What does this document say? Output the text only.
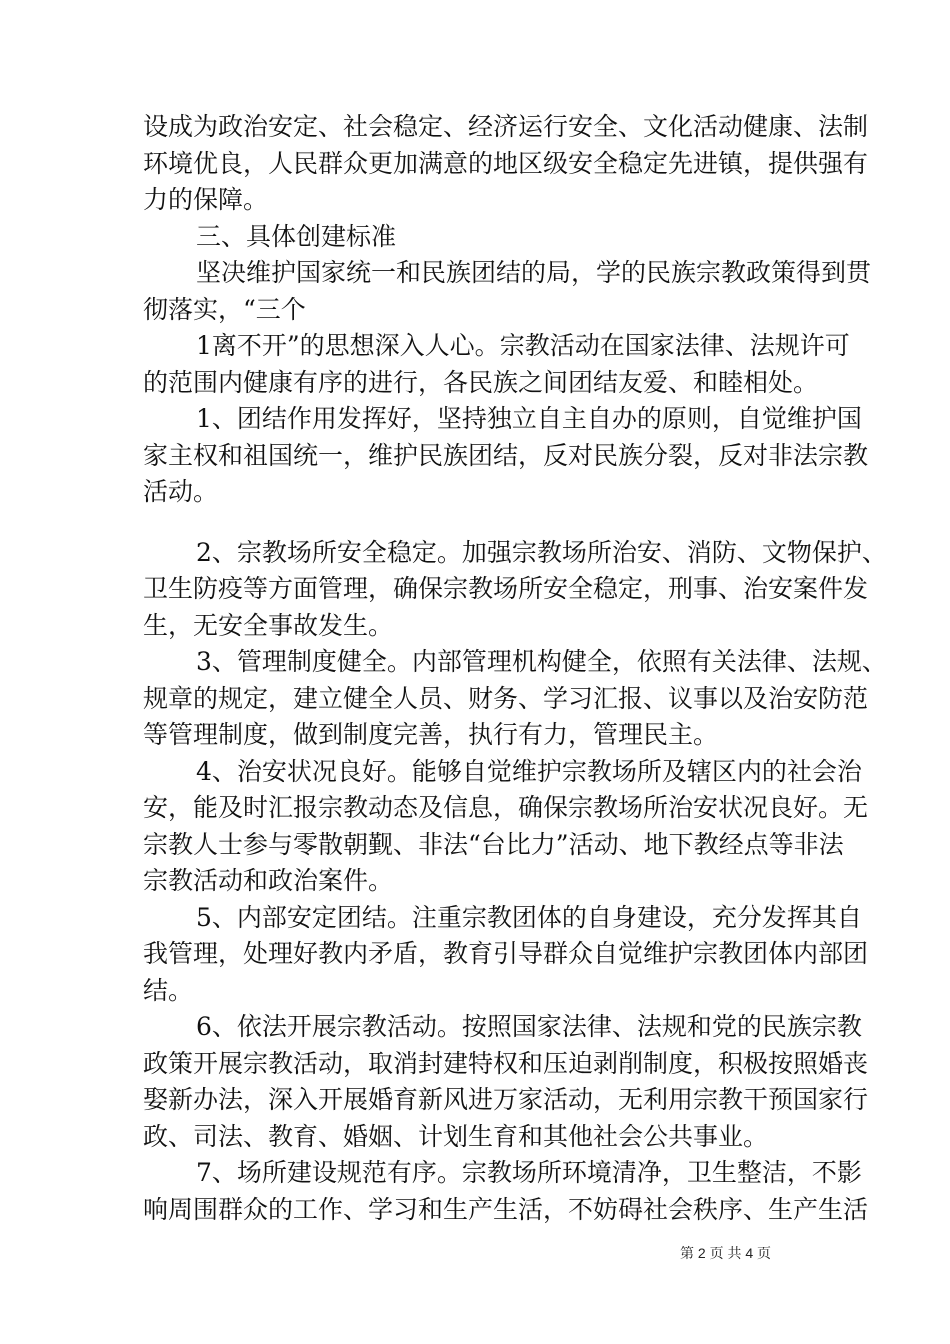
设成为政治安定、社会稳定、经济运行安全、文化活动健康、法制
环境优良，人民群众更加满意的地区级安全稳定先进镇，提供强有
力的保障。
三、具体创建标准
坚决维护国家统一和民族团结的局，学的民族宗教政策得到贯
彻落实，“三个
1离不开”的思想深入人心。宗教活动在国家法律、法规许可
的范围内健康有序的进行，各民族之间团结友爱、和睦相处。
1、团结作用发挥好，坚持独立自主自办的原则，自觉维护国
家主权和祖国统一，维护民族团结，反对民族分裂，反对非法宗教
活动。
2、宗教场所安全稳定。加强宗教场所治安、消防、文物保护、
卫生防疫等方面管理，确保宗教场所安全稳定，刑事、治安案件发
生，无安全事故发生。
3、管理制度健全。内部管理机构健全，依照有关法律、法规、
规章的规定，建立健全人员、财务、学习汇报、议事以及治安防范
等管理制度，做到制度完善，执行有力，管理民主。
4、治安状况良好。能够自觉维护宗教场所及辖区内的社会治
安，能及时汇报宗教动态及信息，确保宗教场所治安状况良好。无
宗教人士参与零散朝觐、非法“台比力”活动、地下教经点等非法
宗教活动和政治案件。
5、内部安定团结。注重宗教团体的自身建设，充分发挥其自
我管理，处理好教内矛盾，教育引导群众自觉维护宗教团体内部团
结。
6、依法开展宗教活动。按照国家法律、法规和党的民族宗教
政策开展宗教活动，取消封建特权和压迫剥削制度，积极按照婚丧
娶新办法，深入开展婚育新风进万家活动，无利用宗教干预国家行
政、司法、教育、婚姻、计划生育和其他社会公共事业。
7、场所建设规范有序。宗教场所环境清净，卫生整洁，不影
响周围群众的工作、学习和生产生活，不妨碍社会秩序、生产生活
第 2 页 共 4 页
